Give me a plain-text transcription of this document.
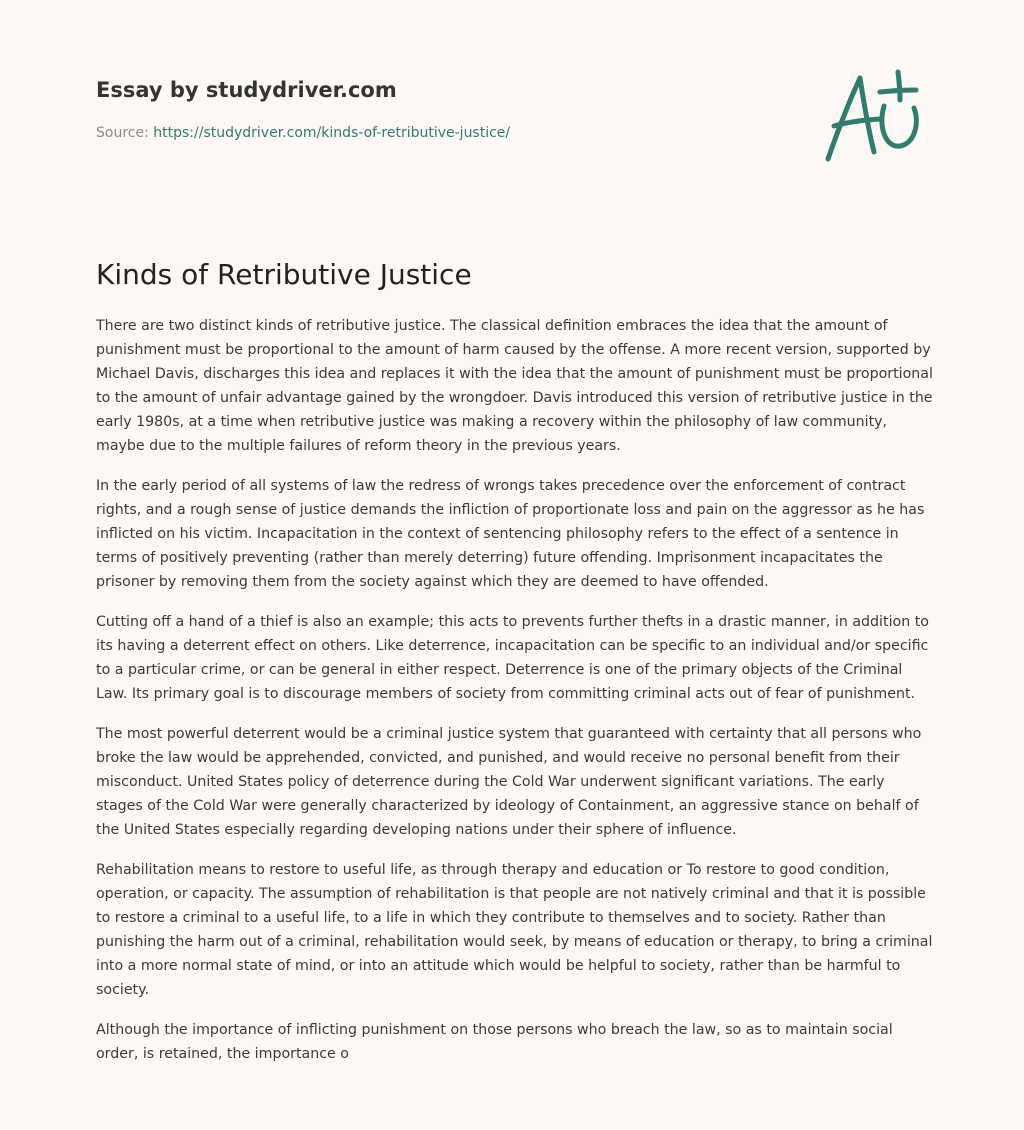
Essay by studydriver.com
Source: https://studydriver.com/kinds-of-retributive-justice/
Kinds of Retributive Justice

There are two distinct kinds of retributive justice. The classical definition embraces the idea that the amount of punishment must be proportional to the amount of harm caused by the offense. A more recent version, supported by Michael Davis, discharges this idea and replaces it with the idea that the amount of punishment must be proportional to the amount of unfair advantage gained by the wrongdoer. Davis introduced this version of retributive justice in the early 1980s, at a time when retributive justice was making a recovery within the philosophy of law community, maybe due to the multiple failures of reform theory in the previous years.

In the early period of all systems of law the redress of wrongs takes precedence over the enforcement of contract rights, and a rough sense of justice demands the infliction of proportionate loss and pain on the aggressor as he has inflicted on his victim. Incapacitation in the context of sentencing philosophy refers to the effect of a sentence in terms of positively preventing (rather than merely deterring) future offending. Imprisonment incapacitates the prisoner by removing them from the society against which they are deemed to have offended.

Cutting off a hand of a thief is also an example; this acts to prevents further thefts in a drastic manner, in addition to its having a deterrent effect on others. Like deterrence, incapacitation can be specific to an individual and/or specific to a particular crime, or can be general in either respect. Deterrence is one of the primary objects of the Criminal Law. Its primary goal is to discourage members of society from committing criminal acts out of fear of punishment.

The most powerful deterrent would be a criminal justice system that guaranteed with certainty that all persons who broke the law would be apprehended, convicted, and punished, and would receive no personal benefit from their misconduct. United States policy of deterrence during the Cold War underwent significant variations. The early stages of the Cold War were generally characterized by ideology of Containment, an aggressive stance on behalf of the United States especially regarding developing nations under their sphere of influence.

Rehabilitation means to restore to useful life, as through therapy and education or To restore to good condition, operation, or capacity. The assumption of rehabilitation is that people are not natively criminal and that it is possible to restore a criminal to a useful life, to a life in which they contribute to themselves and to society. Rather than punishing the harm out of a criminal, rehabilitation would seek, by means of education or therapy, to bring a criminal into a more normal state of mind, or into an attitude which would be helpful to society, rather than be harmful to society.

Although the importance of inflicting punishment on those persons who breach the law, so as to maintain social order, is retained, the importance o
